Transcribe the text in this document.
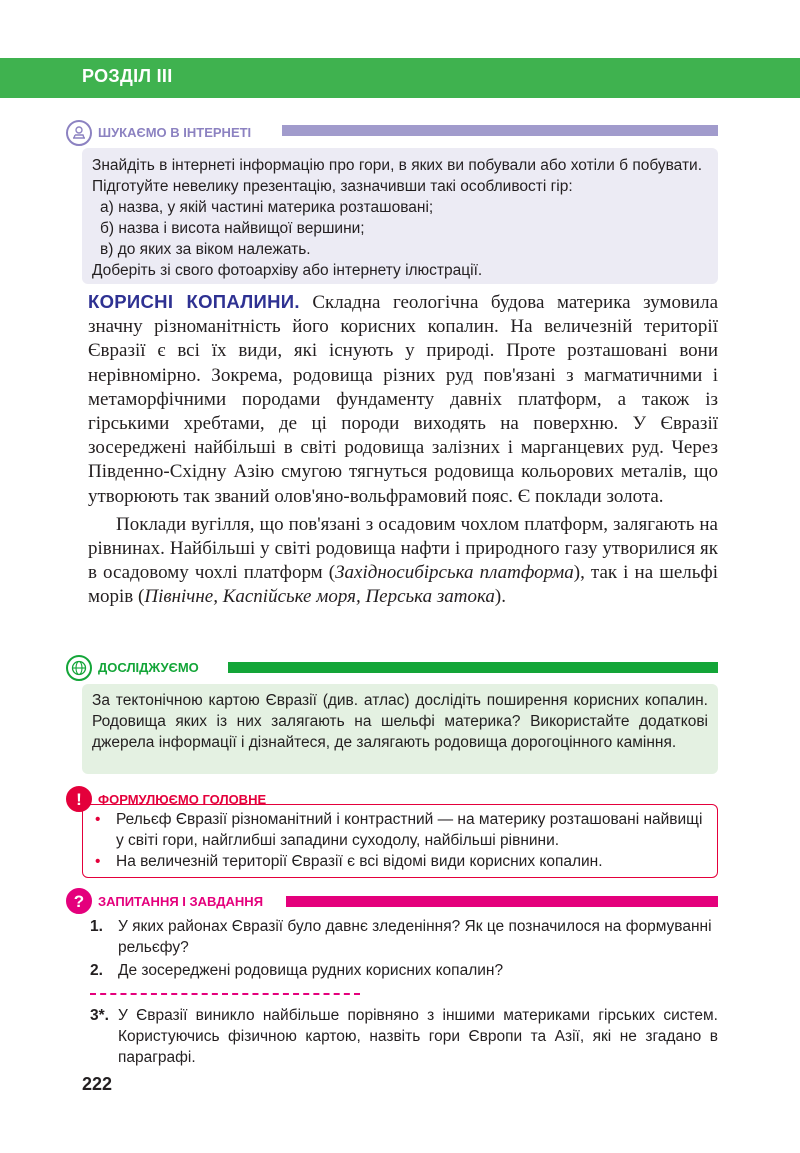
РОЗДІЛ ІІІ
ШУКАЄМО В ІНТЕРНЕТІ

Знайдіть в інтернеті інформацію про гори, в яких ви побували або хотіли б побувати. Підготуйте невелику презентацію, зазначивши такі особливості гір:

а) назва, у якій частині материка розташовані;

б) назва і висота найвищої вершини;

в) до яких за віком належать.

Доберіть зі свого фотоархіву або інтернету ілюстрації.

КОРИСНІ КОПАЛИНИ. Складна геологічна будова материка зумовила значну різноманітність його корисних копалин. На величезній території Євразії є всі їх види, які існують у природі. Проте розташовані вони нерівномірно. Зокрема, родовища різних руд пов'язані з магматичними і метаморфічними породами фундаменту давніх платформ, а також із гірськими хребтами, де ці породи виходять на поверхню. У Євразії зосереджені найбільші в світі родовища залізних і марганцевих руд. Через Південно-Східну Азію смугою тягнуться родовища кольорових металів, що утворюють так званий олов'яно-вольфрамовий пояс. Є поклади золота.

Поклади вугілля, що пов'язані з осадовим чохлом платформ, залягають на рівнинах. Найбільші у світі родовища нафти і природного газу утворилися як в осадовому чохлі платформ (Західносибірська платформа), так і на шельфі морів (Північне, Каспійське моря, Перська затока).

ДОСЛІДЖУЄМО

За тектонічною картою Євразії (див. атлас) дослідіть поширення корисних копалин. Родовища яких із них залягають на шельфі материка? Використайте додаткові джерела інформації і дізнайтеся, де залягають родовища дорогоцінного каміння.

! ФОРМУЛЮЄМО ГОЛОВНЕ
• Рельєф Євразії різноманітний і контрастний — на материку розташовані найвищі у світі гори, найглибші западини суходолу, найбільші рівнини.
• На величезній території Євразії є всі відомі види корисних копалин.
? ЗАПИТАННЯ І ЗАВДАННЯ
1. У яких районах Євразії було давнє зледеніння? Як це позначилося на формуванні рельєфу?
2. Де зосереджені родовища рудних корисних копалин?
3*. У Євразії виникло найбільше порівняно з іншими материками гірських систем. Користуючись фізичною картою, назвіть гори Європи та Азії, які не згадано в параграфі.
222
